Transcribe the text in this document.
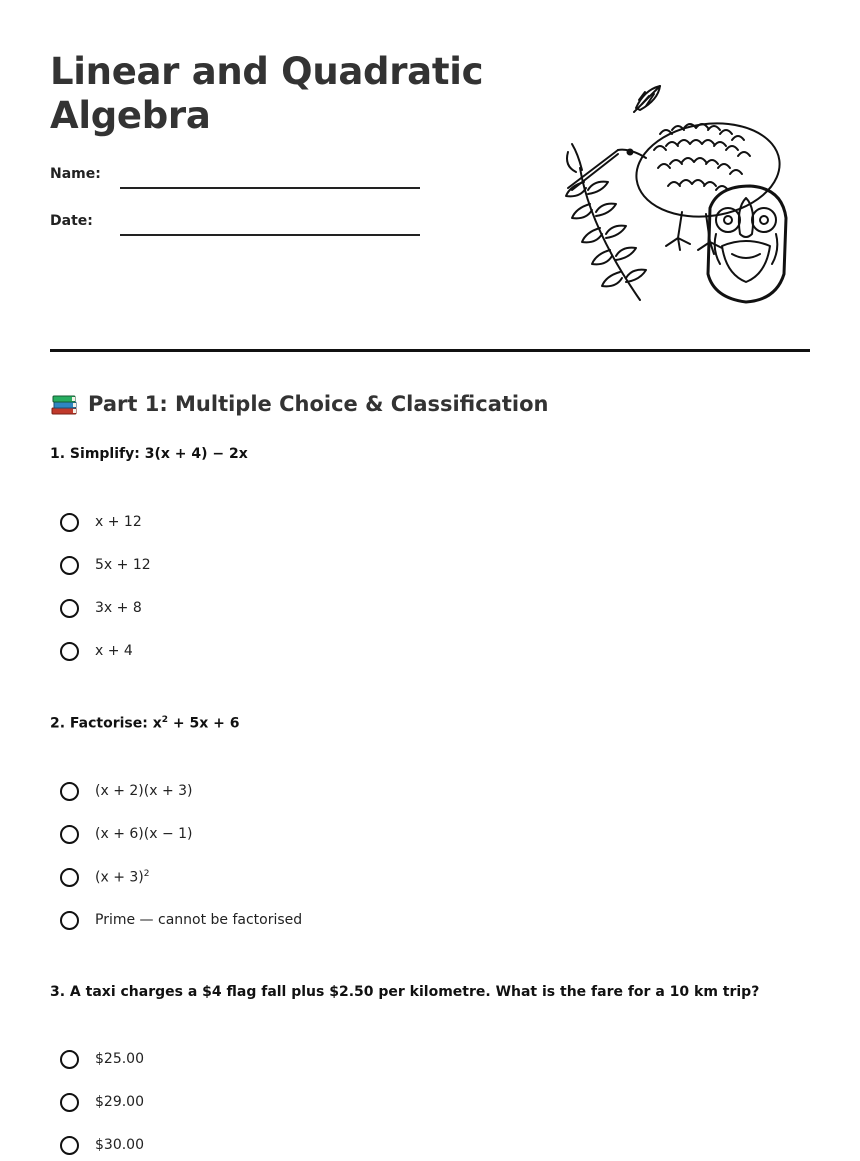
Linear and Quadratic Algebra
Name:
Date:
Part 1: Multiple Choice & Classification
1. Simplify: 3(x + 4) − 2x
x + 12
5x + 12
3x + 8
x + 4
2. Factorise: $x^2 + 5x + 6$
(x + 2)(x + 3)
(x + 6)(x − 1)
$(x + 3)^2$
Prime — cannot be factorised
3. A taxi charges a $4 flag fall plus $2.50 per kilometre. What is the fare for a 10 km trip?
$25.00
$29.00
$30.00
